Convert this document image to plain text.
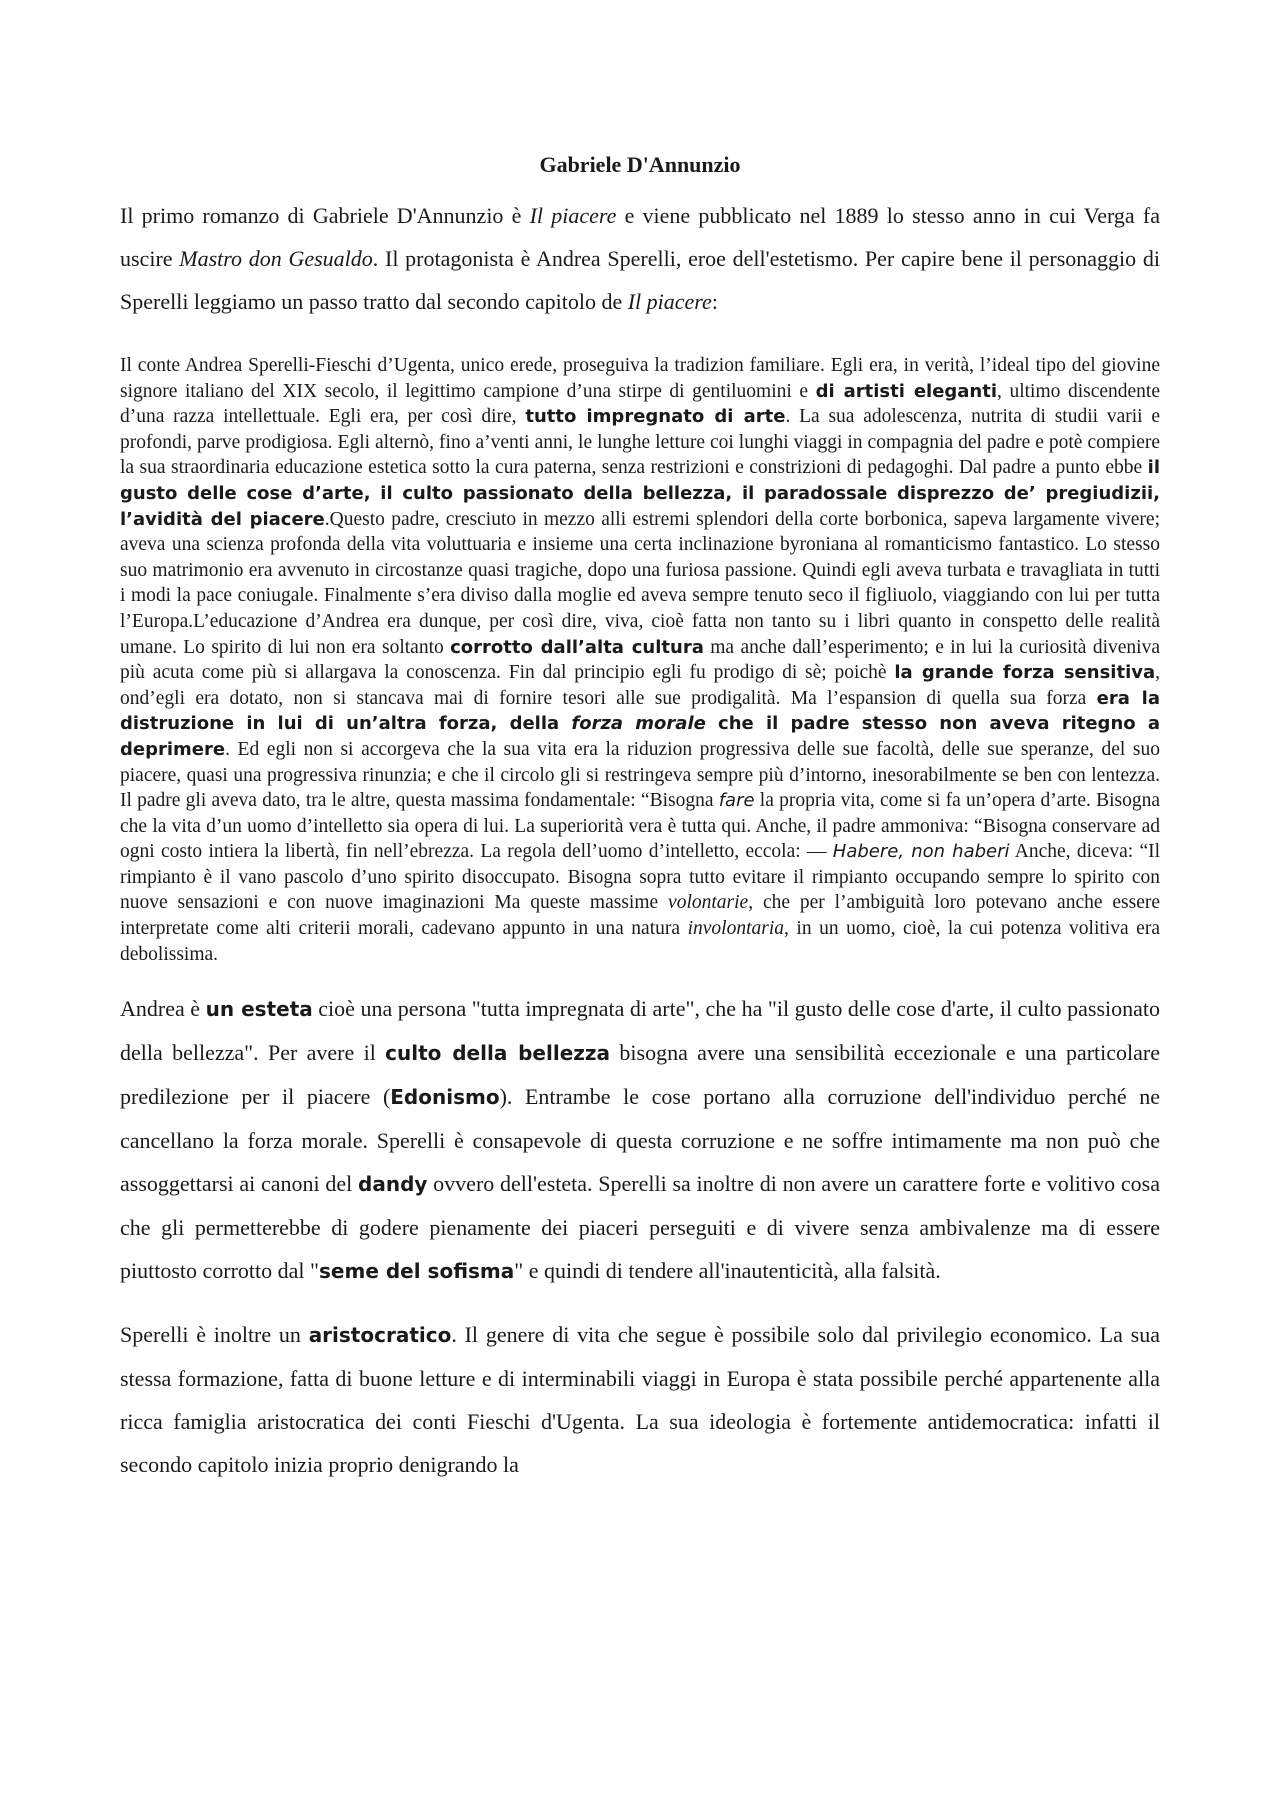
Gabriele D'Annunzio

Il primo romanzo di Gabriele D'Annunzio è Il piacere e viene pubblicato nel 1889 lo stesso anno in cui Verga fa uscire Mastro don Gesualdo. Il protagonista è Andrea Sperelli, eroe dell'estetismo. Per capire bene il personaggio di Sperelli leggiamo un passo tratto dal secondo capitolo de Il piacere:

Il conte Andrea Sperelli-Fieschi d’Ugenta, unico erede, proseguiva la tradizion familiare. Egli era, in verità, l’ideal tipo del giovine signore italiano del XIX secolo, il legittimo campione d’una stirpe di gentiluomini e di artisti eleganti, ultimo discendente d’una razza intellettuale. Egli era, per così dire, tutto impregnato di arte. La sua adolescenza, nutrita di studii varii e profondi, parve prodigiosa. Egli alternò, fino a’venti anni, le lunghe letture coi lunghi viaggi in compagnia del padre e potè compiere la sua straordinaria educazione estetica sotto la cura paterna, senza restrizioni e constrizioni di pedagoghi. Dal padre a punto ebbe il gusto delle cose d’arte, il culto passionato della bellezza, il paradossale disprezzo de’ pregiudizii, l’avidità del piacere.Questo padre, cresciuto in mezzo alli estremi splendori della corte borbonica, sapeva largamente vivere; aveva una scienza profonda della vita voluttuaria e insieme una certa inclinazione byroniana al romanticismo fantastico. Lo stesso suo matrimonio era avvenuto in circostanze quasi tragiche, dopo una furiosa passione. Quindi egli aveva turbata e travagliata in tutti i modi la pace coniugale. Finalmente s’era diviso dalla moglie ed aveva sempre tenuto seco il figliuolo, viaggiando con lui per tutta l’Europa.L’educazione d’Andrea era dunque, per così dire, viva, cioè fatta non tanto su i libri quanto in conspetto delle realità umane. Lo spirito di lui non era soltanto corrotto dall’alta cultura ma anche dall’esperimento; e in lui la curiosità diveniva più acuta come più si allargava la conoscenza. Fin dal principio egli fu prodigo di sè; poichè la grande forza sensitiva, ond’egli era dotato, non si stancava mai di fornire tesori alle sue prodigalità. Ma l’espansion di quella sua forza era la distruzione in lui di un’altra forza, della forza morale che il padre stesso non aveva ritegno a deprimere. Ed egli non si accorgeva che la sua vita era la riduzion progressiva delle sue facoltà, delle sue speranze, del suo piacere, quasi una progressiva rinunzia; e che il circolo gli si restringeva sempre più d’intorno, inesorabilmente se ben con lentezza. Il padre gli aveva dato, tra le altre, questa massima fondamentale: “Bisogna fare la propria vita, come si fa un’opera d’arte. Bisogna che la vita d’un uomo d’intelletto sia opera di lui. La superiorità vera è tutta qui. Anche, il padre ammoniva: “Bisogna conservare ad ogni costo intiera la libertà, fin nell’ebrezza. La regola dell’uomo d’intelletto, eccola: — Habere, non haberi Anche, diceva: “Il rimpianto è il vano pascolo d’uno spirito disoccupato. Bisogna sopra tutto evitare il rimpianto occupando sempre lo spirito con nuove sensazioni e con nuove imaginazioni Ma queste massime volontarie, che per l’ambiguità loro potevano anche essere interpretate come alti criterii morali, cadevano appunto in una natura involontaria, in un uomo, cioè, la cui potenza volitiva era debolissima.

Andrea è un esteta cioè una persona "tutta impregnata di arte", che ha "il gusto delle cose d'arte, il culto passionato della bellezza". Per avere il culto della bellezza bisogna avere una sensibilità eccezionale e una particolare predilezione per il piacere (Edonismo). Entrambe le cose portano alla corruzione dell'individuo perché ne cancellano la forza morale. Sperelli è consapevole di questa corruzione e ne soffre intimamente ma non può che assoggettarsi ai canoni del dandy ovvero dell'esteta. Sperelli sa inoltre di non avere un carattere forte e volitivo cosa che gli permetterebbe di godere pienamente dei piaceri perseguiti e di vivere senza ambivalenze ma di essere piuttosto corrotto dal "seme del sofisma" e quindi di tendere all'inautenticità, alla falsità.

Sperelli è inoltre un aristocratico. Il genere di vita che segue è possibile solo dal privilegio economico. La sua stessa formazione, fatta di buone letture e di interminabili viaggi in Europa è stata possibile perché appartenente alla ricca famiglia aristocratica dei conti Fieschi d'Ugenta. La sua ideologia è fortemente antidemocratica: infatti il secondo capitolo inizia proprio denigrando la
